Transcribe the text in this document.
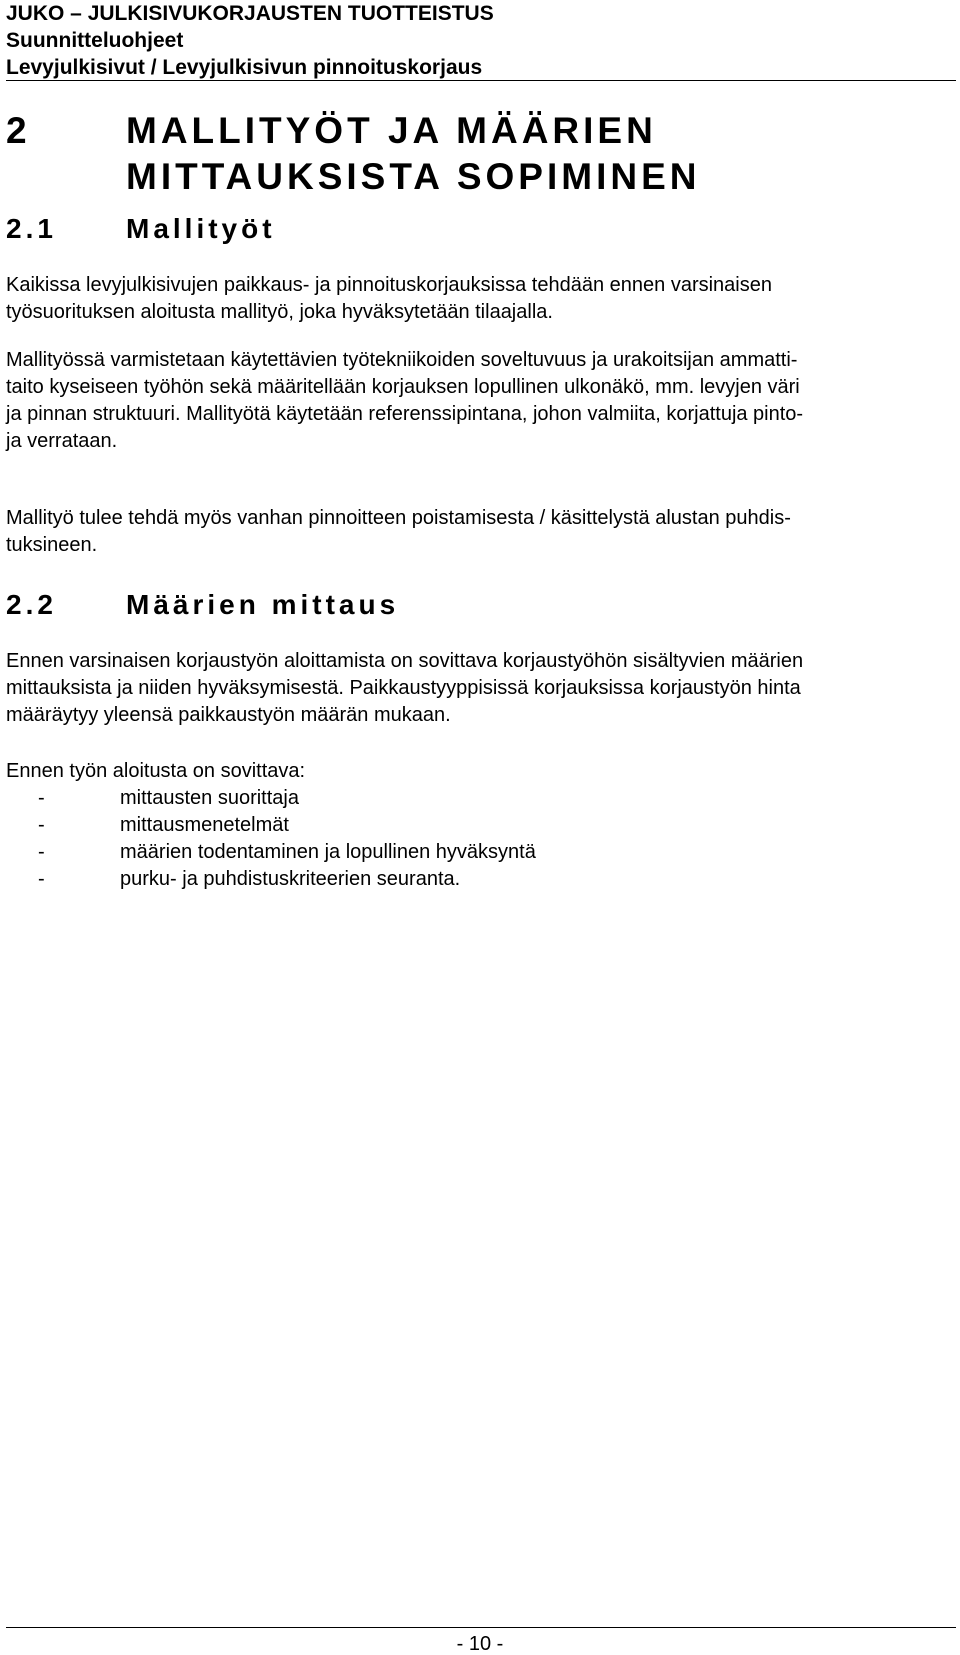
JUKO – JULKISIVUKORJAUSTEN TUOTTEISTUS
Suunnitteluohjeet
Levyjulkisivut / Levyjulkisivun pinnoituskorjaus
2	MALLITYÖT JA MÄÄRIEN
MITTAUKSISTA SOPIMINEN
2.1 Mallityöt
Kaikissa levyjulkisivujen paikkaus- ja pinnoituskorjauksissa tehdään ennen varsinaisen
työsuorituksen aloitusta mallityö, joka hyväksytetään tilaajalla.
Mallityössä varmistetaan käytettävien työtekniikoiden soveltuvuus ja urakoitsijan ammatti-
taito kyseiseen työhön sekä määritellään korjauksen lopullinen ulkonäkö, mm. levyjen väri
ja pinnan struktuuri. Mallityötä käytetään referenssipintana, johon valmiita, korjattuja pinto-
ja verrataan.
Mallityö tulee tehdä myös vanhan pinnoitteen poistamisesta / käsittelystä alustan puhdis-
tuksineen.
2.2 Määrien mittaus
Ennen varsinaisen korjaustyön aloittamista on sovittava korjaustyöhön sisältyvien määrien
mittauksista ja niiden hyväksymisestä. Paikkaustyyppisissä korjauksissa korjaustyön hinta
määräytyy yleensä paikkaustyön määrän mukaan.
Ennen työn aloitusta on sovittava:
-	mittausten suorittaja
-	mittausmenetelmät
-	määrien todentaminen ja lopullinen hyväksyntä
-	purku- ja puhdistuskriteerien seuranta.
- 10 -
